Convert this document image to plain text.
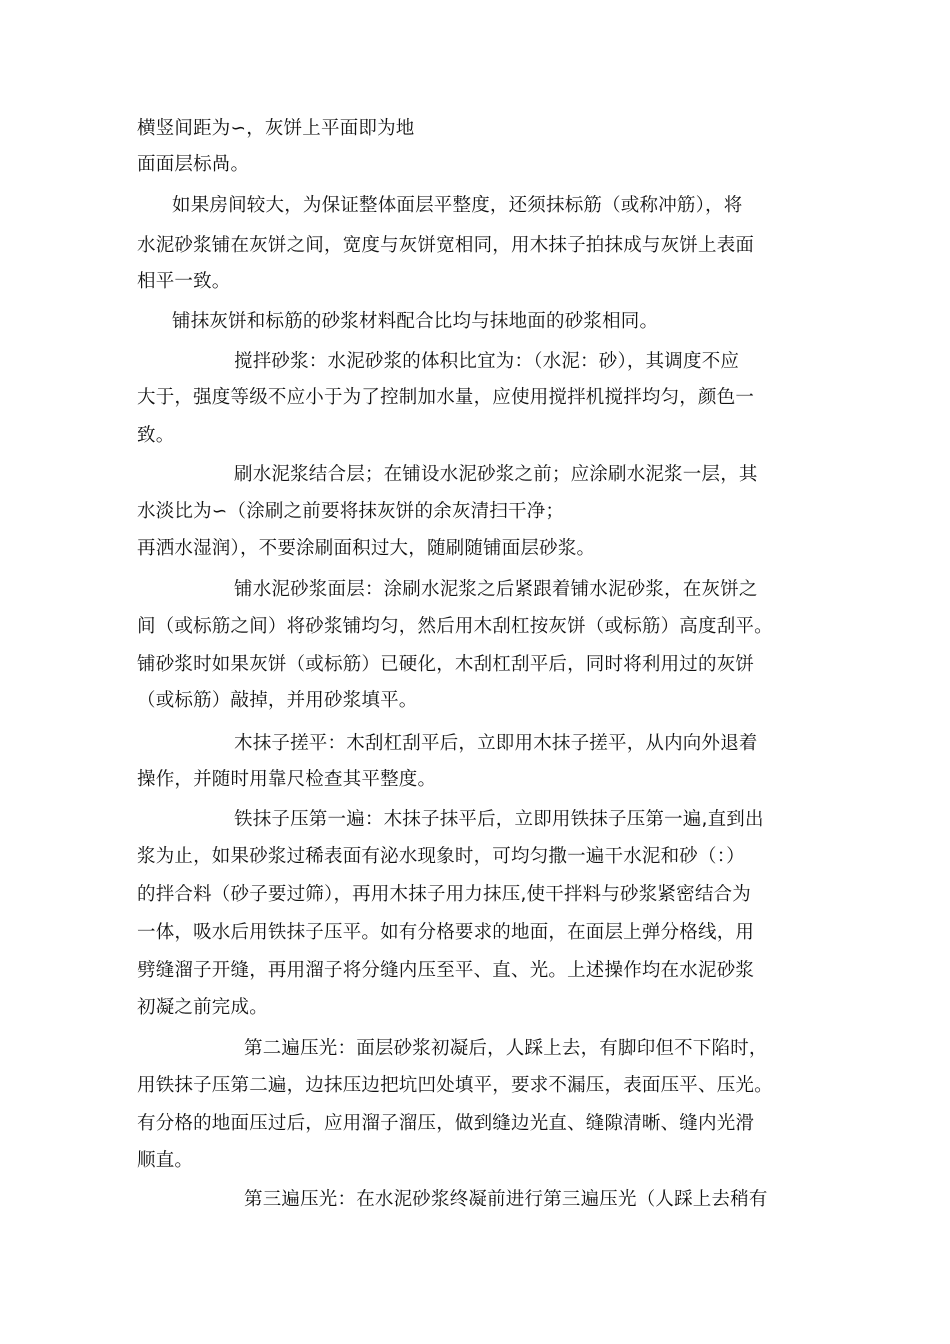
横竖间距为∽，灰饼上平面即为地
面面层标咼。
如果房间较大，为保证整体面层平整度，还须抹标筋（或称冲筋），将
水泥砂浆铺在灰饼之间，宽度与灰饼宽相同，用木抹子拍抹成与灰饼上表面
相平一致。
铺抹灰饼和标筋的砂浆材料配合比均与抹地面的砂浆相同。
搅拌砂浆：水泥砂浆的体积比宜为：（水泥：砂），其调度不应
大于，强度等级不应小于为了控制加水量，应使用搅拌机搅拌均匀，颜色一
致。
刷水泥浆结合层；在铺设水泥砂浆之前；应涂刷水泥浆一层，其
水淡比为∽（涂刷之前要将抹灰饼的余灰清扫干净；
再洒水湿润），不要涂刷面积过大，随刷随铺面层砂浆。
铺水泥砂浆面层：涂刷水泥浆之后紧跟着铺水泥砂浆，在灰饼之
间（或标筋之间）将砂浆铺均匀，然后用木刮杠按灰饼（或标筋）高度刮平。
铺砂浆时如果灰饼（或标筋）已硬化，木刮杠刮平后，同时将利用过的灰饼
（或标筋）敲掉，并用砂浆填平。
木抹子搓平：木刮杠刮平后，立即用木抹子搓平，从内向外退着
操作，并随时用靠尺检查其平整度。
铁抹子压第一遍：木抹子抹平后，立即用铁抹子压第一遍,直到出
浆为止，如果砂浆过稀表面有泌水现象时，可均匀撒一遍干水泥和砂（：）
的拌合料（砂子要过筛），再用木抹子用力抹压,使干拌料与砂浆紧密结合为
一体，吸水后用铁抹子压平。如有分格要求的地面，在面层上弹分格线，用
劈缝溜子开缝，再用溜子将分缝内压至平、直、光。上述操作均在水泥砂浆
初凝之前完成。
第二遍压光：面层砂浆初凝后，人踩上去，有脚印但不下陷时，
用铁抹子压第二遍，边抹压边把坑凹处填平，要求不漏压，表面压平、压光。
有分格的地面压过后，应用溜子溜压，做到缝边光直、缝隙清晰、缝内光滑
顺直。
第三遍压光：在水泥砂浆终凝前进行第三遍压光（人踩上去稍有
